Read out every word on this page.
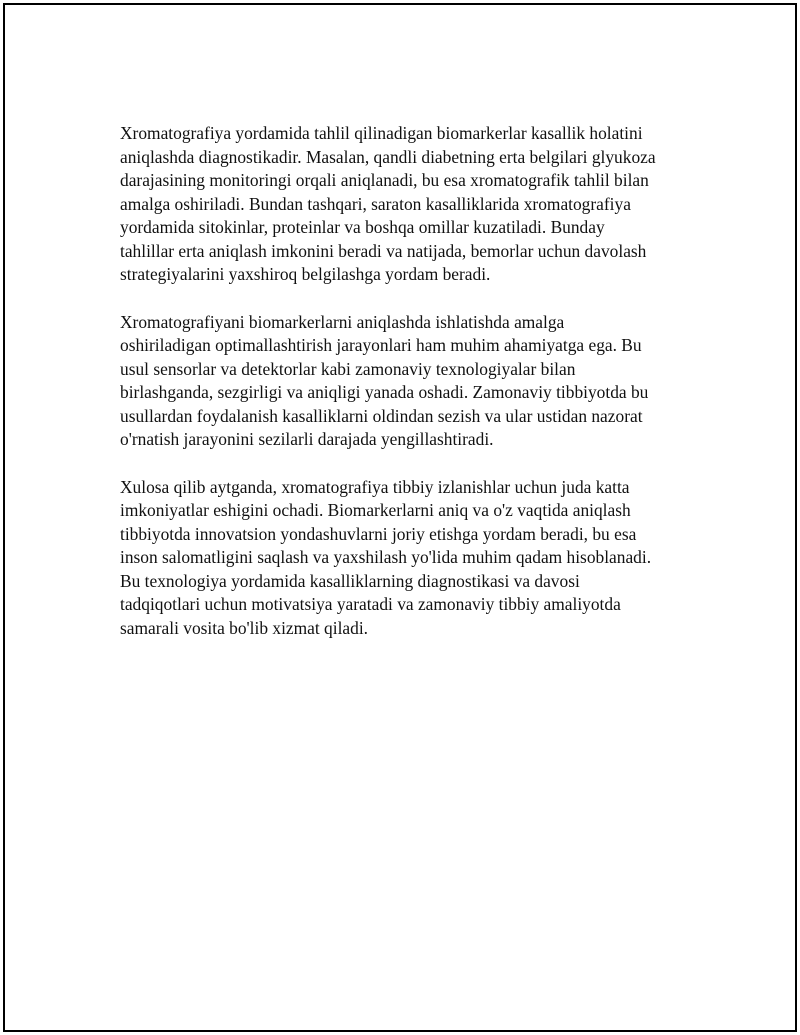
Xromatografiya yordamida tahlil qilinadigan biomarkerlar kasallik holatini
aniqlashda diagnostikadir. Masalan, qandli diabetning erta belgilari glyukoza
darajasining monitoringi orqali aniqlanadi, bu esa xromatografik tahlil bilan
amalga oshiriladi. Bundan tashqari, saraton kasalliklarida xromatografiya
yordamida sitokinlar, proteinlar va boshqa omillar kuzatiladi. Bunday
tahlillar erta aniqlash imkonini beradi va natijada, bemorlar uchun davolash
strategiyalarini yaxshiroq belgilashga yordam beradi.

Xromatografiyani biomarkerlarni aniqlashda ishlatishda amalga
oshiriladigan optimallashtirish jarayonlari ham muhim ahamiyatga ega. Bu
usul sensorlar va detektorlar kabi zamonaviy texnologiyalar bilan
birlashganda, sezgirligi va aniqligi yanada oshadi. Zamonaviy tibbiyotda bu
usullardan foydalanish kasalliklarni oldindan sezish va ular ustidan nazorat
o'rnatish jarayonini sezilarli darajada yengillashtiradi.

Xulosa qilib aytganda, xromatografiya tibbiy izlanishlar uchun juda katta
imkoniyatlar eshigini ochadi. Biomarkerlarni aniq va o'z vaqtida aniqlash
tibbiyotda innovatsion yondashuvlarni joriy etishga yordam beradi, bu esa
inson salomatligini saqlash va yaxshilash yo'lida muhim qadam hisoblanadi.
Bu texnologiya yordamida kasalliklarning diagnostikasi va davosi
tadqiqotlari uchun motivatsiya yaratadi va zamonaviy tibbiy amaliyotda
samarali vosita bo'lib xizmat qiladi.
